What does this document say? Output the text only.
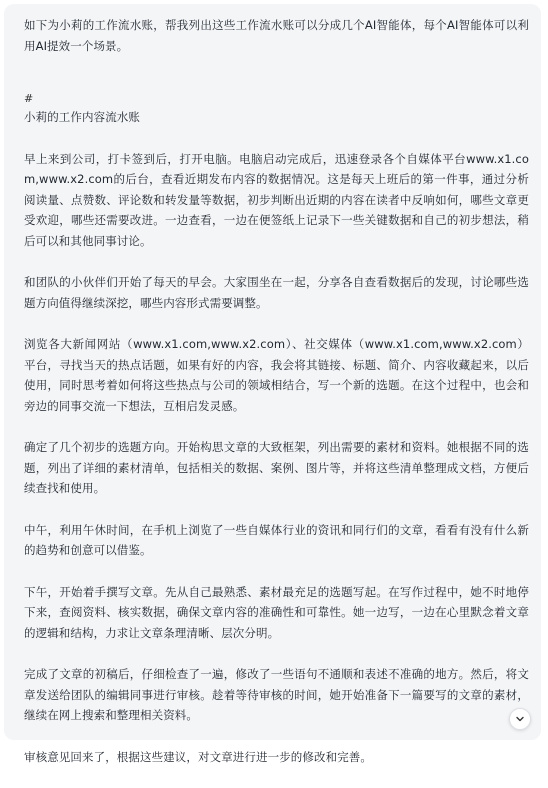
如下为小莉的工作流水账，帮我列出这些工作流水账可以分成几个AI智能体，每个AI智能体可以利用AI提效一个场景。

#

小莉的工作内容流水账

早上来到公司，打卡签到后，打开电脑。电脑启动完成后，迅速登录各个自媒体平台www.x1.com,www.x2.com的后台，查看近期发布内容的数据情况。这是每天上班后的第一件事，通过分析阅读量、点赞数、评论数和转发量等数据，初步判断出近期的内容在读者中反响如何，哪些文章更受欢迎，哪些还需要改进。一边查看，一边在便签纸上记录下一些关键数据和自己的初步想法，稍后可以和其他同事讨论。

和团队的小伙伴们开始了每天的早会。大家围坐在一起，分享各自查看数据后的发现，讨论哪些选题方向值得继续深挖，哪些内容形式需要调整。

浏览各大新闻网站（www.x1.com,www.x2.com）、社交媒体（www.x1.com,www.x2.com）平台，寻找当天的热点话题，如果有好的内容，我会将其链接、标题、简介、内容收藏起来，以后使用，同时思考着如何将这些热点与公司的领域相结合，写一个新的选题。在这个过程中，也会和旁边的同事交流一下想法，互相启发灵感。

确定了几个初步的选题方向。开始构思文章的大致框架，列出需要的素材和资料。她根据不同的选题，列出了详细的素材清单，包括相关的数据、案例、图片等，并将这些清单整理成文档，方便后续查找和使用。

中午，利用午休时间，在手机上浏览了一些自媒体行业的资讯和同行们的文章，看看有没有什么新的趋势和创意可以借鉴。

下午，开始着手撰写文章。先从自己最熟悉、素材最充足的选题写起。在写作过程中，她不时地停下来，查阅资料、核实数据，确保文章内容的准确性和可靠性。她一边写，一边在心里默念着文章的逻辑和结构，力求让文章条理清晰、层次分明。

完成了文章的初稿后，仔细检查了一遍，修改了一些语句不通顺和表述不准确的地方。然后，将文章发送给团队的编辑同事进行审核。趁着等待审核的时间，她开始准备下一篇要写的文章的素材，继续在网上搜索和整理相关资料。

审核意见回来了，根据这些建议，对文章进行进一步的修改和完善。
